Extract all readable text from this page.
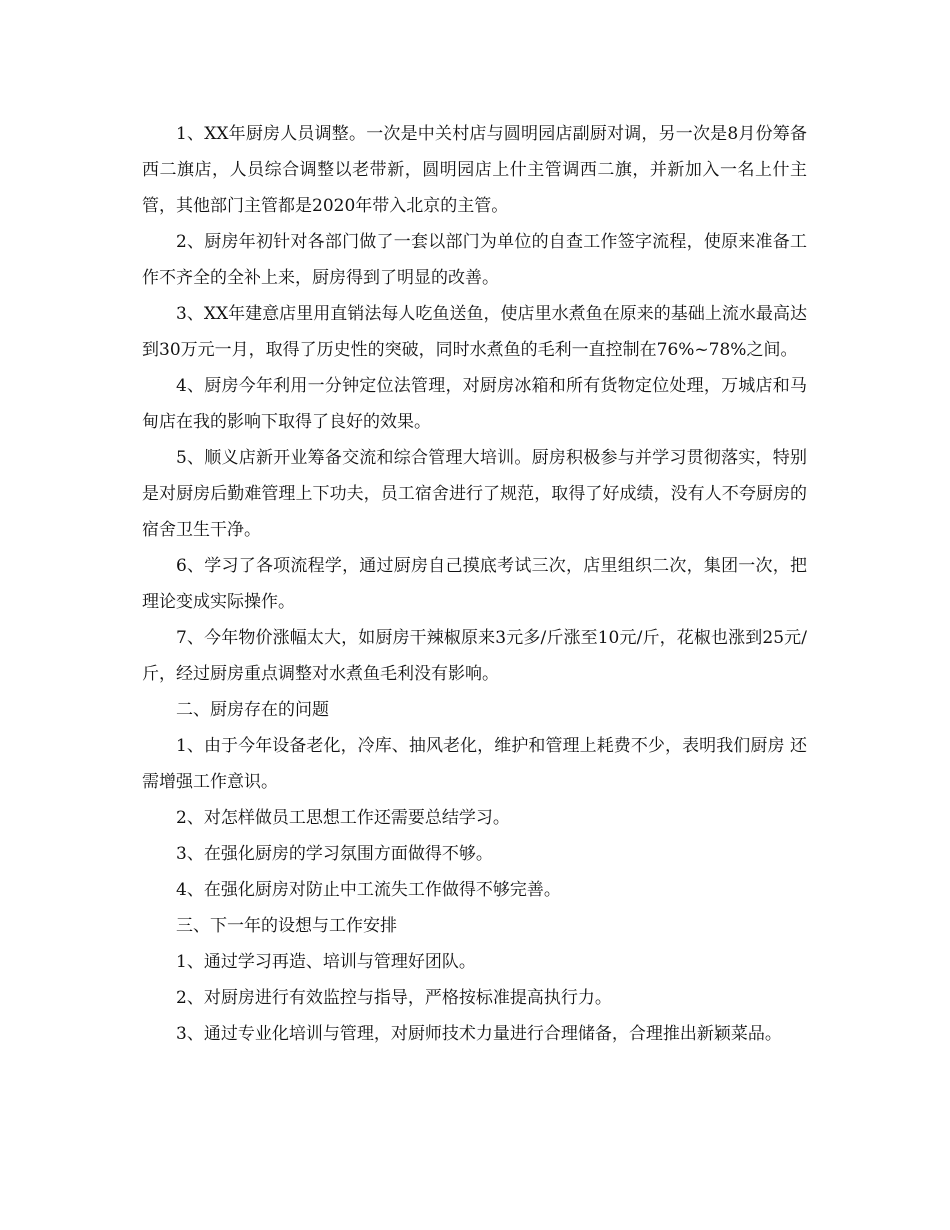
1、XX年厨房人员调整。一次是中关村店与圆明园店副厨对调，另一次是8月份筹备西二旗店，人员综合调整以老带新，圆明园店上什主管调西二旗，并新加入一名上什主管，其他部门主管都是2020年带入北京的主管。

2、厨房年初针对各部门做了一套以部门为单位的自查工作签字流程，使原来准备工作不齐全的全补上来，厨房得到了明显的改善。

3、XX年建意店里用直销法每人吃鱼送鱼，使店里水煮鱼在原来的基础上流水最高达到30万元一月，取得了历史性的突破，同时水煮鱼的毛利一直控制在76%~78%之间。

4、厨房今年利用一分钟定位法管理，对厨房冰箱和所有货物定位处理，万城店和马甸店在我的影响下取得了良好的效果。

5、顺义店新开业筹备交流和综合管理大培训。厨房积极参与并学习贯彻落实，特别是对厨房后勤难管理上下功夫，员工宿舍进行了规范，取得了好成绩，没有人不夸厨房的宿舍卫生干净。

6、学习了各项流程学，通过厨房自己摸底考试三次，店里组织二次，集团一次，把理论变成实际操作。

7、今年物价涨幅太大，如厨房干辣椒原来3元多/斤涨至10元/斤，花椒也涨到25元/斤，经过厨房重点调整对水煮鱼毛利没有影响。

二、厨房存在的问题

1、由于今年设备老化，冷库、抽风老化，维护和管理上耗费不少，表明我们厨房 还需增强工作意识。

2、对怎样做员工思想工作还需要总结学习。

3、在强化厨房的学习氛围方面做得不够。

4、在强化厨房对防止中工流失工作做得不够完善。

三、下一年的设想与工作安排

1、通过学习再造、培训与管理好团队。

2、对厨房进行有效监控与指导，严格按标准提高执行力。

3、通过专业化培训与管理，对厨师技术力量进行合理储备，合理推出新颖菜品。
